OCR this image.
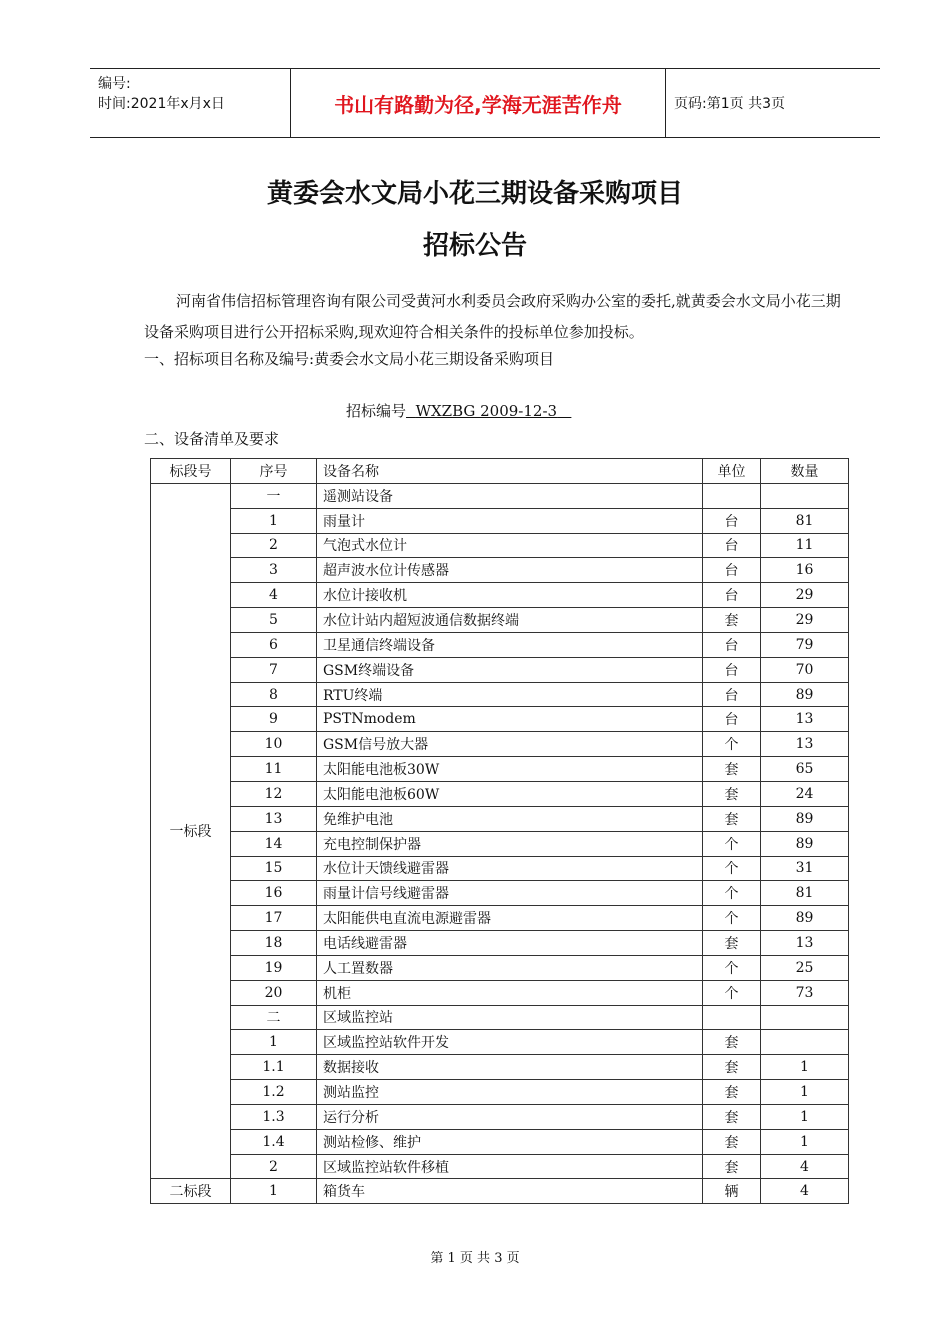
编号:
时间:2021年x月x日	书山有路勤为径,学海无涯苦作舟	页码:第1页 共3页
黄委会水文局小花三期设备采购项目
招标公告
河南省伟信招标管理咨询有限公司受黄河水利委员会政府采购办公室的委托,就黄委会水文局小花三期设备采购项目进行公开招标采购,现欢迎符合相关条件的投标单位参加投标。
一、招标项目名称及编号:黄委会水文局小花三期设备采购项目
招标编号 WXZBG 2009-12-3
二、设备清单及要求
标段号	序号	设备名称	单位	数量
一标段	一	遥测站设备		
	1	雨量计	台	81
	2	气泡式水位计	台	11
	3	超声波水位计传感器	台	16
	4	水位计接收机	台	29
	5	水位计站内超短波通信数据终端	套	29
	6	卫星通信终端设备	台	79
	7	GSM终端设备	台	70
	8	RTU终端	台	89
	9	PSTNmodem	台	13
	10	GSM信号放大器	个	13
	11	太阳能电池板30W	套	65
	12	太阳能电池板60W	套	24
	13	免维护电池	套	89
	14	充电控制保护器	个	89
	15	水位计天馈线避雷器	个	31
	16	雨量计信号线避雷器	个	81
	17	太阳能供电直流电源避雷器	个	89
	18	电话线避雷器	套	13
	19	人工置数器	个	25
	20	机柜	个	73
	二	区域监控站		
	1	区域监控站软件开发	套	
	1.1	数据接收	套	1
	1.2	测站监控	套	1
	1.3	运行分析	套	1
	1.4	测站检修、维护	套	1
	2	区域监控站软件移植	套	4
二标段	1	箱货车	辆	4
第 1 页 共 3 页
